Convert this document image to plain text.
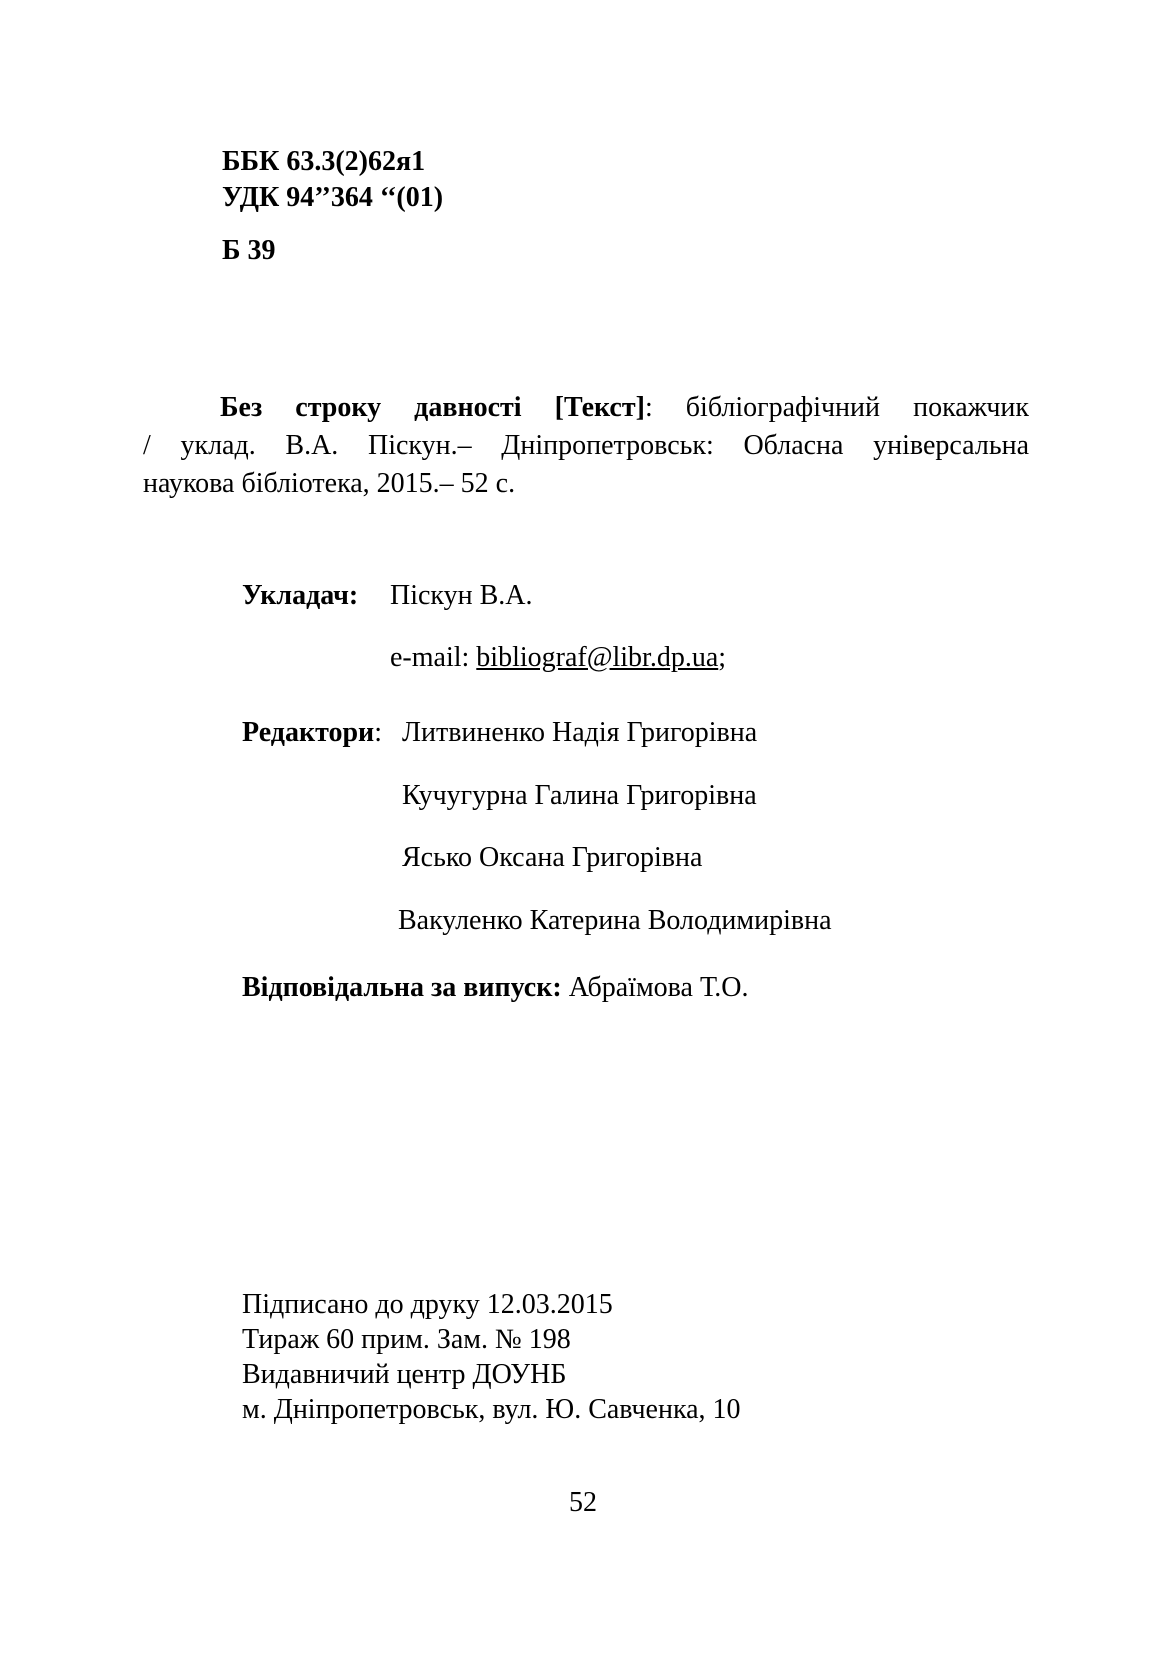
ББК 63.3(2)62я1
УДК 94’’364 ‘‘(01)
Б 39
Без строку давності [Текст]: бібліографічний покажчик
/ уклад. В.А. Піскун.– Дніпропетровськ: Обласна універсальна
наукова бібліотека, 2015.– 52 с.
Укладач: Піскун В.А.
e-mail: bibliograf@libr.dp.ua;
Редактори: Литвиненко Надія Григорівна
Кучугурна Галина Григорівна
Ясько Оксана Григорівна
Вакуленко Катерина Володимирівна
Відповідальна за випуск: Абраїмова Т.О.
Підписано до друку 12.03.2015
Тираж 60 прим. Зам. № 198
Видавничий центр ДОУНБ
м. Дніпропетровськ, вул. Ю. Савченка, 10
52
